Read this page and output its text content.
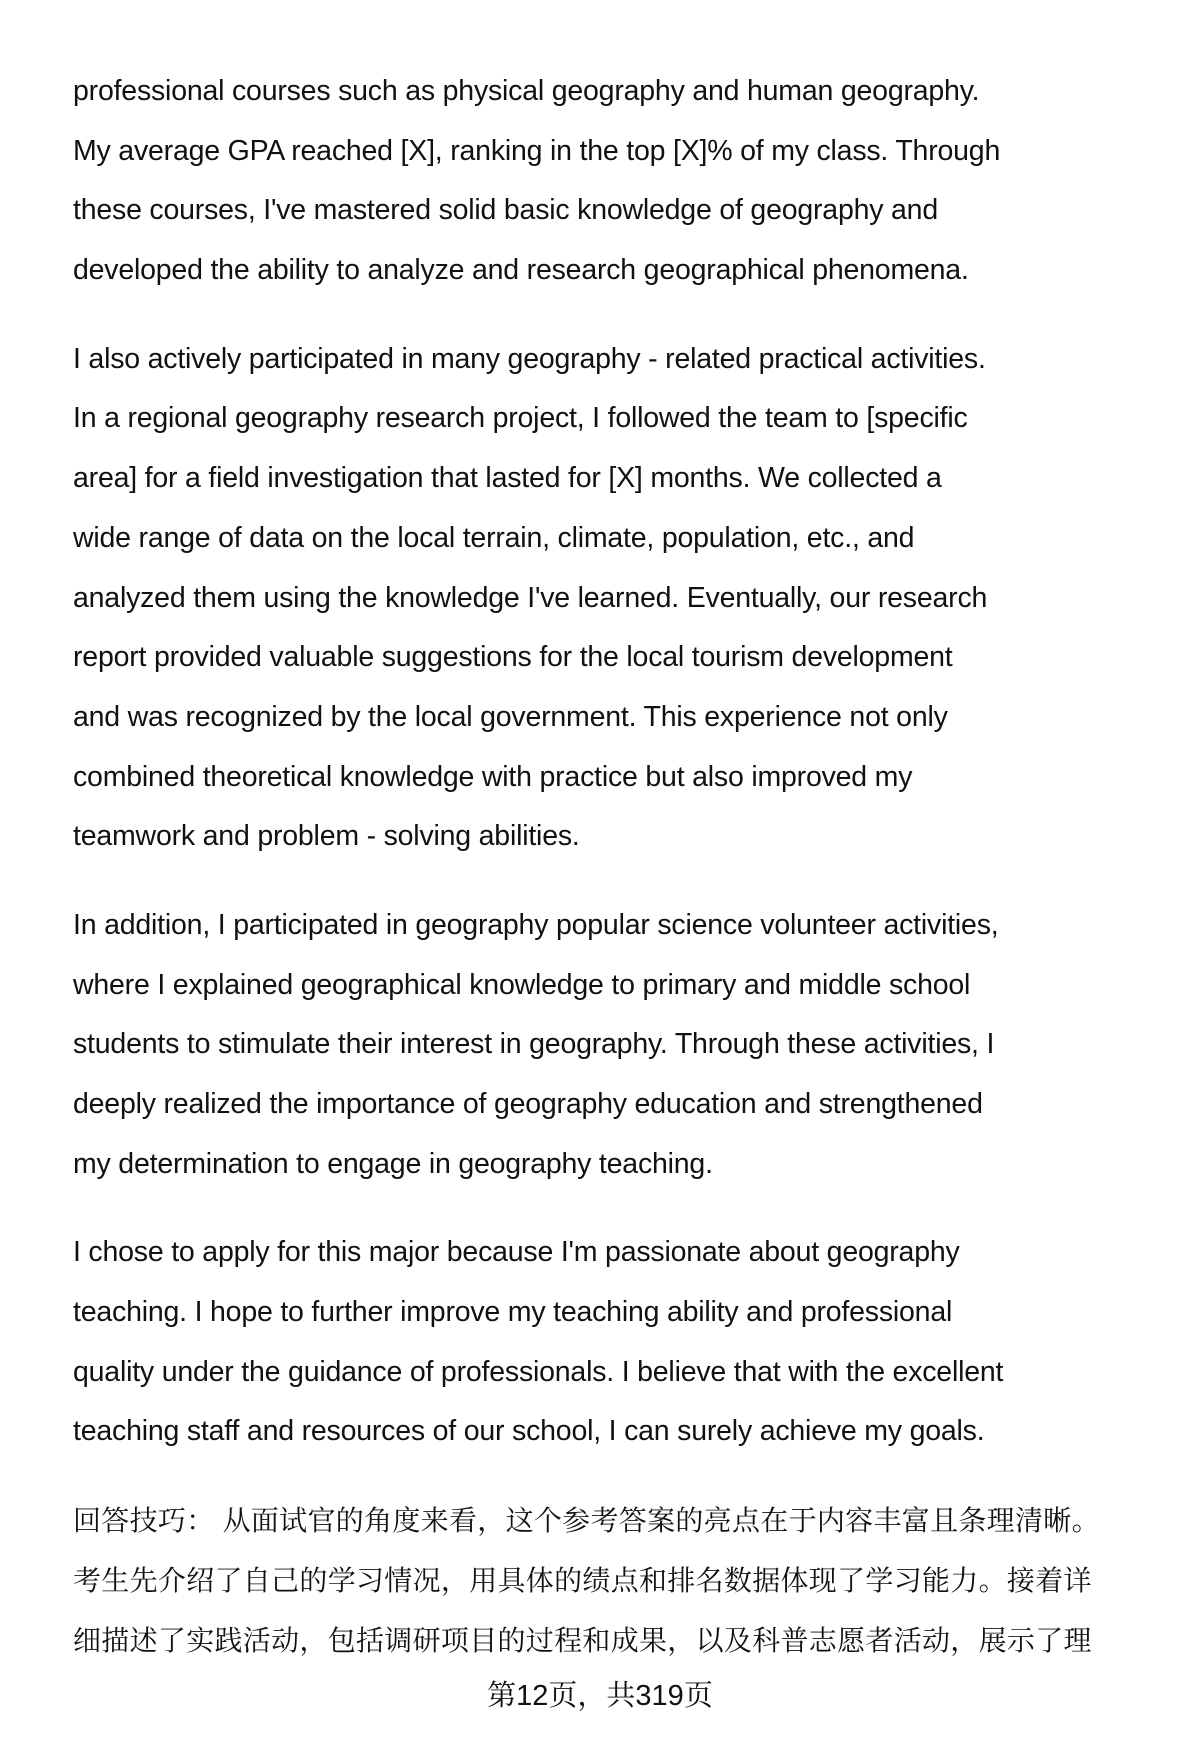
professional courses such as physical geography and human geography.
My average GPA reached [X], ranking in the top [X]% of my class. Through
these courses, I've mastered solid basic knowledge of geography and
developed the ability to analyze and research geographical phenomena.
I also actively participated in many geography - related practical activities.
In a regional geography research project, I followed the team to [specific
area] for a field investigation that lasted for [X] months. We collected a
wide range of data on the local terrain, climate, population, etc., and
analyzed them using the knowledge I've learned. Eventually, our research
report provided valuable suggestions for the local tourism development
and was recognized by the local government. This experience not only
combined theoretical knowledge with practice but also improved my
teamwork and problem - solving abilities.
In addition, I participated in geography popular science volunteer activities,
where I explained geographical knowledge to primary and middle school
students to stimulate their interest in geography. Through these activities, I
deeply realized the importance of geography education and strengthened
my determination to engage in geography teaching.
I chose to apply for this major because I'm passionate about geography
teaching. I hope to further improve my teaching ability and professional
quality under the guidance of professionals. I believe that with the excellent
teaching staff and resources of our school, I can surely achieve my goals.
回答技巧： 从面试官的角度来看，这个参考答案的亮点在于内容丰富且条理清晰。
考生先介绍了自己的学习情况，用具体的绩点和排名数据体现了学习能力。接着详
细描述了实践活动，包括调研项目的过程和成果，以及科普志愿者活动，展示了理
第12页，共319页
